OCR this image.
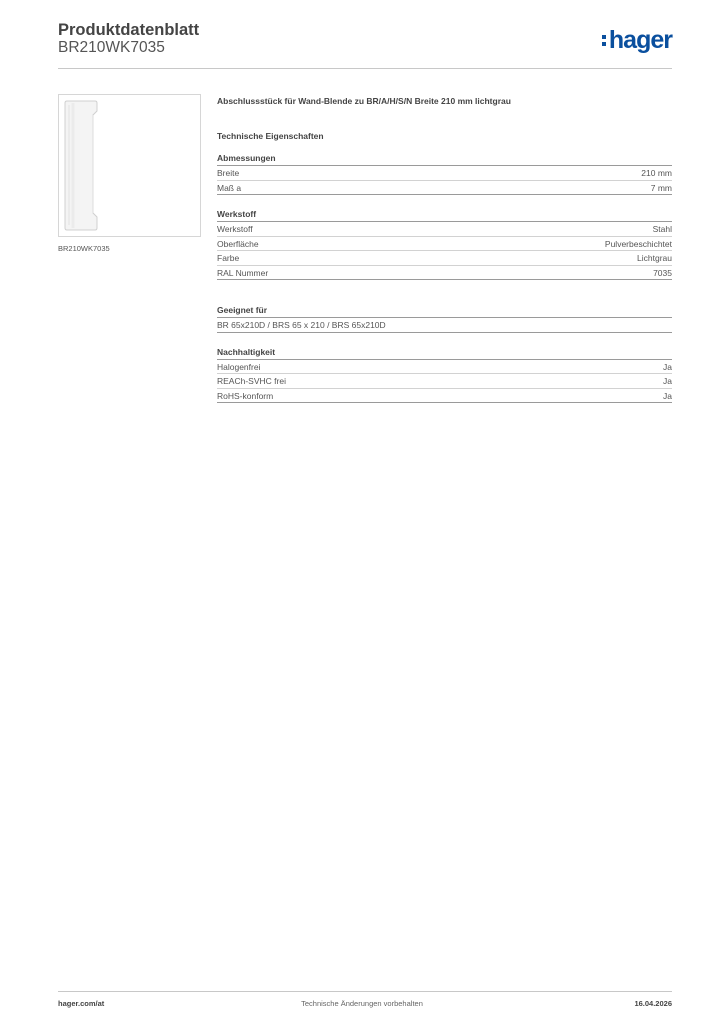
Produktdatenblatt
BR210WK7035	hager
BR210WK7035
Abschlussstück für Wand-Blende zu BR/A/H/S/N Breite 210 mm lichtgrau
Technische Eigenschaften
Abmessungen
Breite	210 mm
Maß a	7 mm
Werkstoff
Werkstoff	Stahl
Oberfläche	Pulverbeschichtet
Farbe	Lichtgrau
RAL Nummer	7035
Geeignet für
BR 65x210D / BRS 65 x 210 / BRS 65x210D
Nachhaltigkeit
Halogenfrei	Ja
REACh-SVHC frei	Ja
RoHS-konform	Ja
hager.com/at	Technische Änderungen vorbehalten	16.04.2026
